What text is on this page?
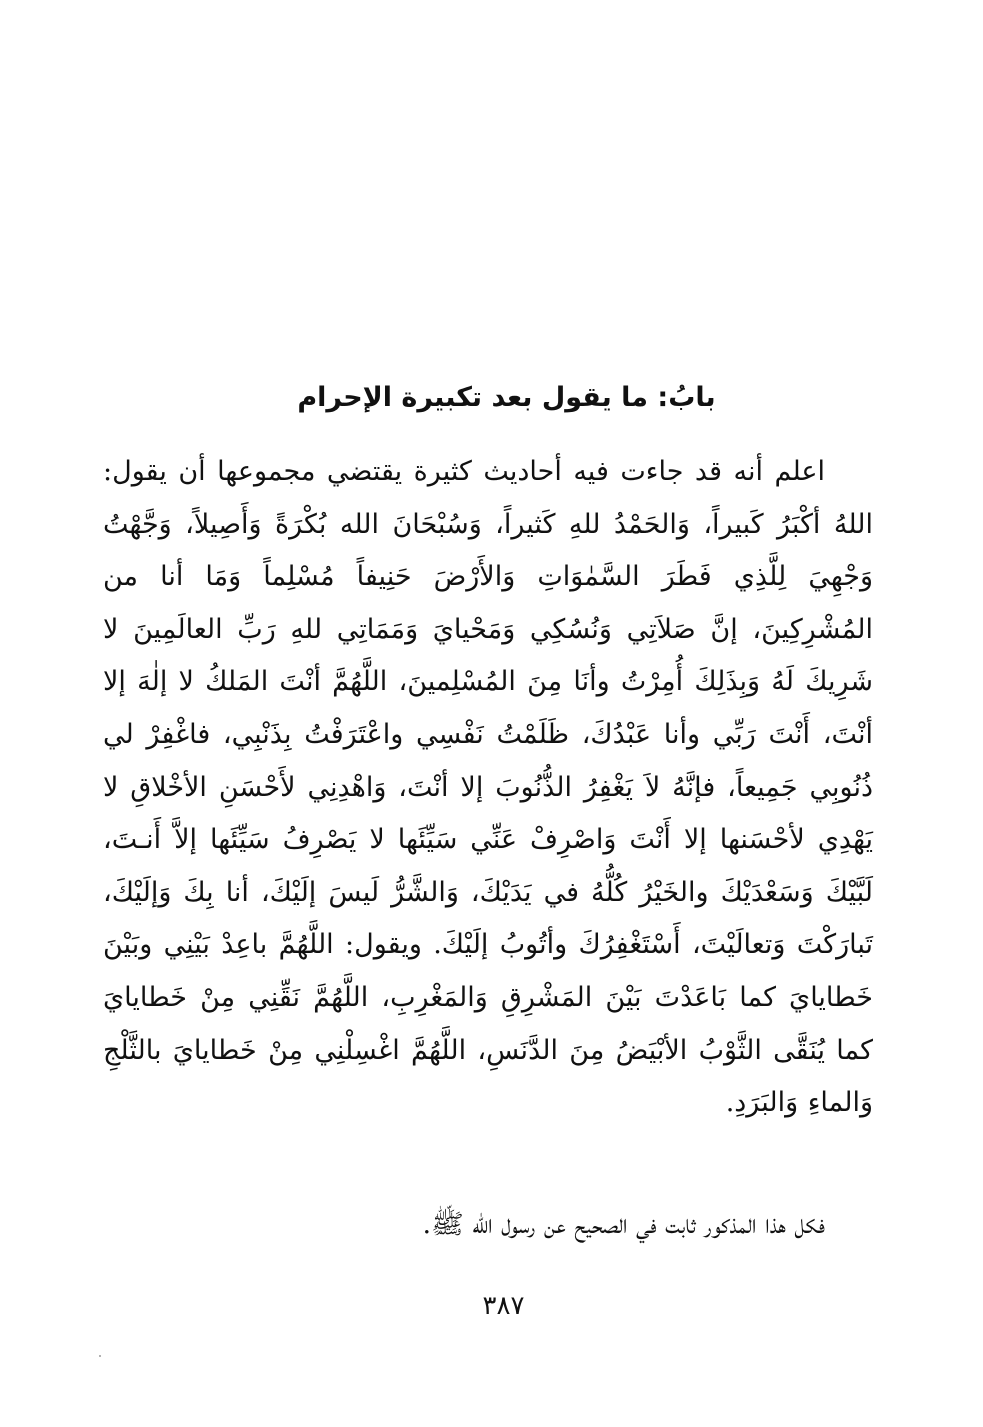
بابُ: ما يقول بعد تكبيرة الإحرام

اعلم أنه قد جاءت فيه أحاديث كثيرة يقتضي مجموعها أن يقول: اللهُ أكْبَرُ كَبيراً، وَالحَمْدُ للهِ كَثيراً، وَسُبْحَانَ الله بُكْرَةً وَأَصِيلاً، وَجَّهْتُ وَجْهِيَ لِلَّذِي فَطَرَ السَّمٰوَاتِ وَالأَرْضَ حَنِيفاً مُسْلِماً وَمَا أنا من المُشْرِكِينَ، إنَّ صَلاَتِي وَنُسُكِي وَمَحْيايَ وَمَمَاتِي للهِ رَبِّ العالَمِينَ لا شَرِيكَ لَهُ وَبِذَلِكَ أُمِرْتُ وأنَا مِنَ المُسْلِمينَ، اللَّهُمَّ أنْتَ المَلكُ لا إلٰهَ إلا أنْتَ، أَنْتَ رَبِّي وأنا عَبْدُكَ، ظَلَمْتُ نَفْسِي واعْتَرَفْتُ بِذَنْبِي، فاغْفِرْ لي ذُنُوبِي جَمِيعاً، فإنَّهُ لاَ يَغْفِرُ الذُّنُوبَ إلا أنْتَ، وَاهْدِنِي لأَحْسَنِ الأخْلاقِ لا يَهْدِي لأحْسَنها إلا أَنْتَ وَاصْرِفْ عَنِّي سَيِّئَها لا يَصْرِفُ سَيِّئَها إلاَّ أَنـتَ، لَبَّيْكَ وَسَعْدَيْكَ والخَيْرُ كُلُّهُ في يَدَيْكَ، وَالشَّرُّ لَيسَ إلَيْكَ، أنا بِكَ وَإلَيْكَ، تَبارَكْتَ وَتعالَيْتَ، أَسْتَغْفِرُكَ وأتُوبُ إلَيْكَ. ويقول: اللَّهُمَّ باعِدْ بَيْنِي وبَيْنَ خَطايايَ كما بَاعَدْتَ بَيْنَ المَشْرِقِ وَالمَغْرِبِ، اللَّهُمَّ نَقِّنِي مِنْ خَطايايَ كما يُنَقَّى الثَّوْبُ الأبْيَضُ مِنَ الدَّنَسِ، اللَّهُمَّ اغْسِلْنِي مِنْ خَطايايَ بالثَّلْجِ وَالماءِ وَالبَرَدِ.

فكل هذا المذكور ثابت في الصحيح عن رسول الله ﷺ.

٣٨٧
